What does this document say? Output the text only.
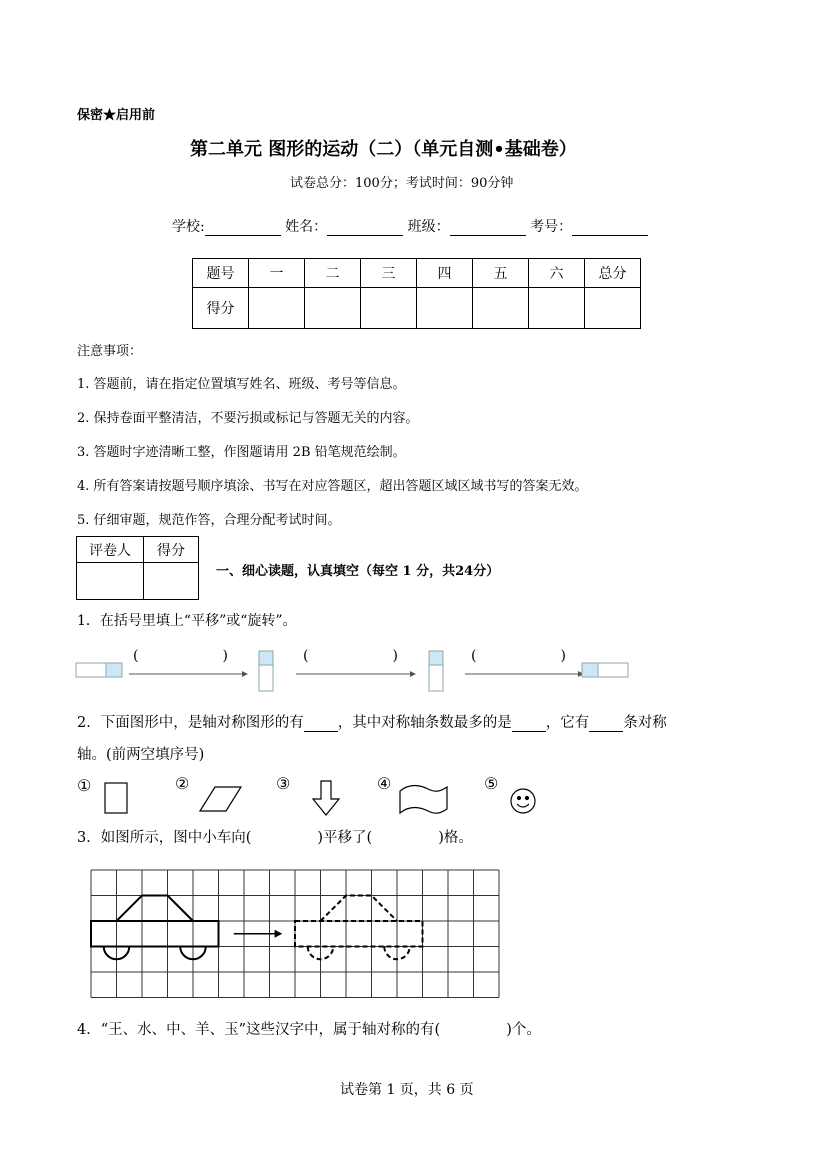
保密★启用前
第二单元 图形的运动（二）（单元自测•基础卷）
试卷总分：100分；考试时间：90分钟
学校:	姓名：	班级：	考号：
题号	一	二	三	四	五	六	总分
得分							
注意事项：
1. 答题前，请在指定位置填写姓名、班级、考号等信息。
2. 保持卷面平整清洁，不要污损或标记与答题无关的内容。
3. 答题时字迹清晰工整，作图题请用 2B 铅笔规范绘制。
4. 所有答案请按题号顺序填涂、书写在对应答题区，超出答题区域区域书写的答案无效。
5. 仔细审题，规范作答，合理分配考试时间。
评卷人	得分

一、细心读题，认真填空（每空 1 分，共24分）
1．在括号里填上“平移”或“旋转”。
(	)	(	)	(	)
2．下面图形中，是轴对称图形的有 ，其中对称轴条数最多的是 ，它有 条对称
轴。(前两空填序号)
①	②	③	④	⑤
3．如图所示，图中小车向(	)平移了(	)格。
4．“王、水、中、羊、玉”这些汉字中，属于轴对称的有(	)个。
试卷第 1 页，共 6 页
